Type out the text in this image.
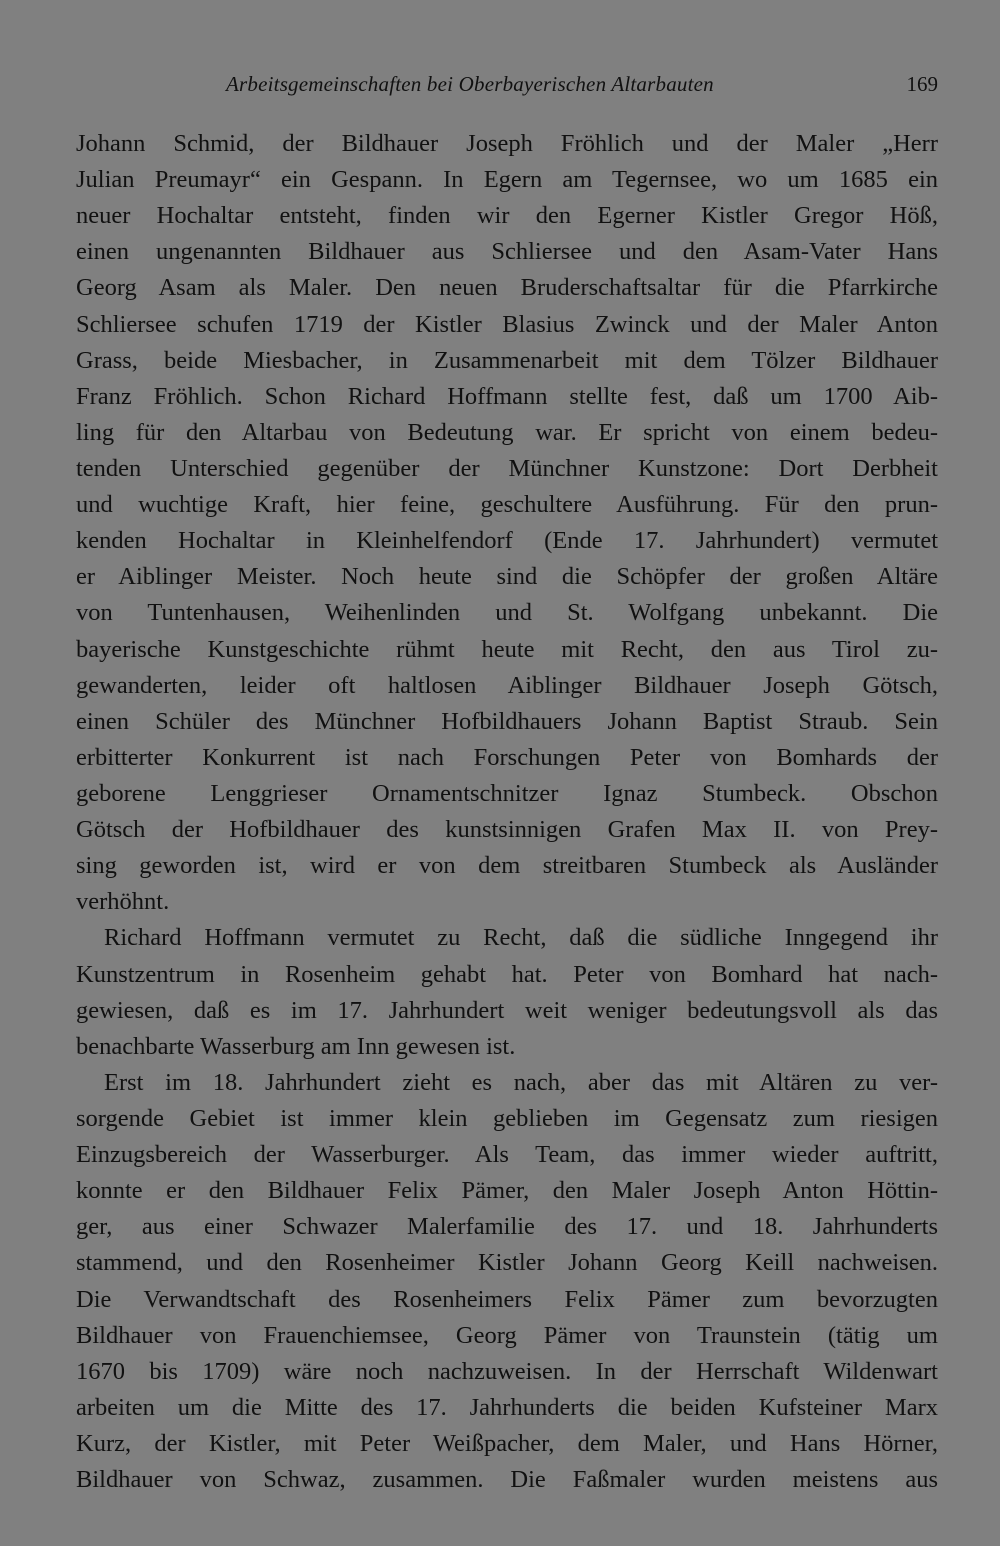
Arbeitsgemeinschaften bei Oberbayerischen Altarbauten	169
Johann Schmid, der Bildhauer Joseph Fröhlich und der Maler „Herr
Julian Preumayr“ ein Gespann. In Egern am Tegernsee, wo um 1685 ein
neuer Hochaltar entsteht, finden wir den Egerner Kistler Gregor Höß,
einen ungenannten Bildhauer aus Schliersee und den Asam-Vater Hans
Georg Asam als Maler. Den neuen Bruderschaftsaltar für die Pfarrkirche
Schliersee schufen 1719 der Kistler Blasius Zwinck und der Maler Anton
Grass, beide Miesbacher, in Zusammenarbeit mit dem Tölzer Bildhauer
Franz Fröhlich. Schon Richard Hoffmann stellte fest, daß um 1700 Aib-
ling für den Altarbau von Bedeutung war. Er spricht von einem bedeu-
tenden Unterschied gegenüber der Münchner Kunstzone: Dort Derbheit
und wuchtige Kraft, hier feine, geschultere Ausführung. Für den prun-
kenden Hochaltar in Kleinhelfendorf (Ende 17. Jahrhundert) vermutet
er Aiblinger Meister. Noch heute sind die Schöpfer der großen Altäre
von Tuntenhausen, Weihenlinden und St. Wolfgang unbekannt. Die
bayerische Kunstgeschichte rühmt heute mit Recht, den aus Tirol zu-
gewanderten, leider oft haltlosen Aiblinger Bildhauer Joseph Götsch,
einen Schüler des Münchner Hofbildhauers Johann Baptist Straub. Sein
erbitterter Konkurrent ist nach Forschungen Peter von Bomhards der
geborene Lenggrieser Ornamentschnitzer Ignaz Stumbeck. Obschon
Götsch der Hofbildhauer des kunstsinnigen Grafen Max II. von Prey-
sing geworden ist, wird er von dem streitbaren Stumbeck als Ausländer
verhöhnt.
Richard Hoffmann vermutet zu Recht, daß die südliche Inngegend ihr
Kunstzentrum in Rosenheim gehabt hat. Peter von Bomhard hat nach-
gewiesen, daß es im 17. Jahrhundert weit weniger bedeutungsvoll als das
benachbarte Wasserburg am Inn gewesen ist.
Erst im 18. Jahrhundert zieht es nach, aber das mit Altären zu ver-
sorgende Gebiet ist immer klein geblieben im Gegensatz zum riesigen
Einzugsbereich der Wasserburger. Als Team, das immer wieder auftritt,
konnte er den Bildhauer Felix Pämer, den Maler Joseph Anton Höttin-
ger, aus einer Schwazer Malerfamilie des 17. und 18. Jahrhunderts
stammend, und den Rosenheimer Kistler Johann Georg Keill nachweisen.
Die Verwandtschaft des Rosenheimers Felix Pämer zum bevorzugten
Bildhauer von Frauenchiemsee, Georg Pämer von Traunstein (tätig um
1670 bis 1709) wäre noch nachzuweisen. In der Herrschaft Wildenwart
arbeiten um die Mitte des 17. Jahrhunderts die beiden Kufsteiner Marx
Kurz, der Kistler, mit Peter Weißpacher, dem Maler, und Hans Hörner,
Bildhauer von Schwaz, zusammen. Die Faßmaler wurden meistens aus
